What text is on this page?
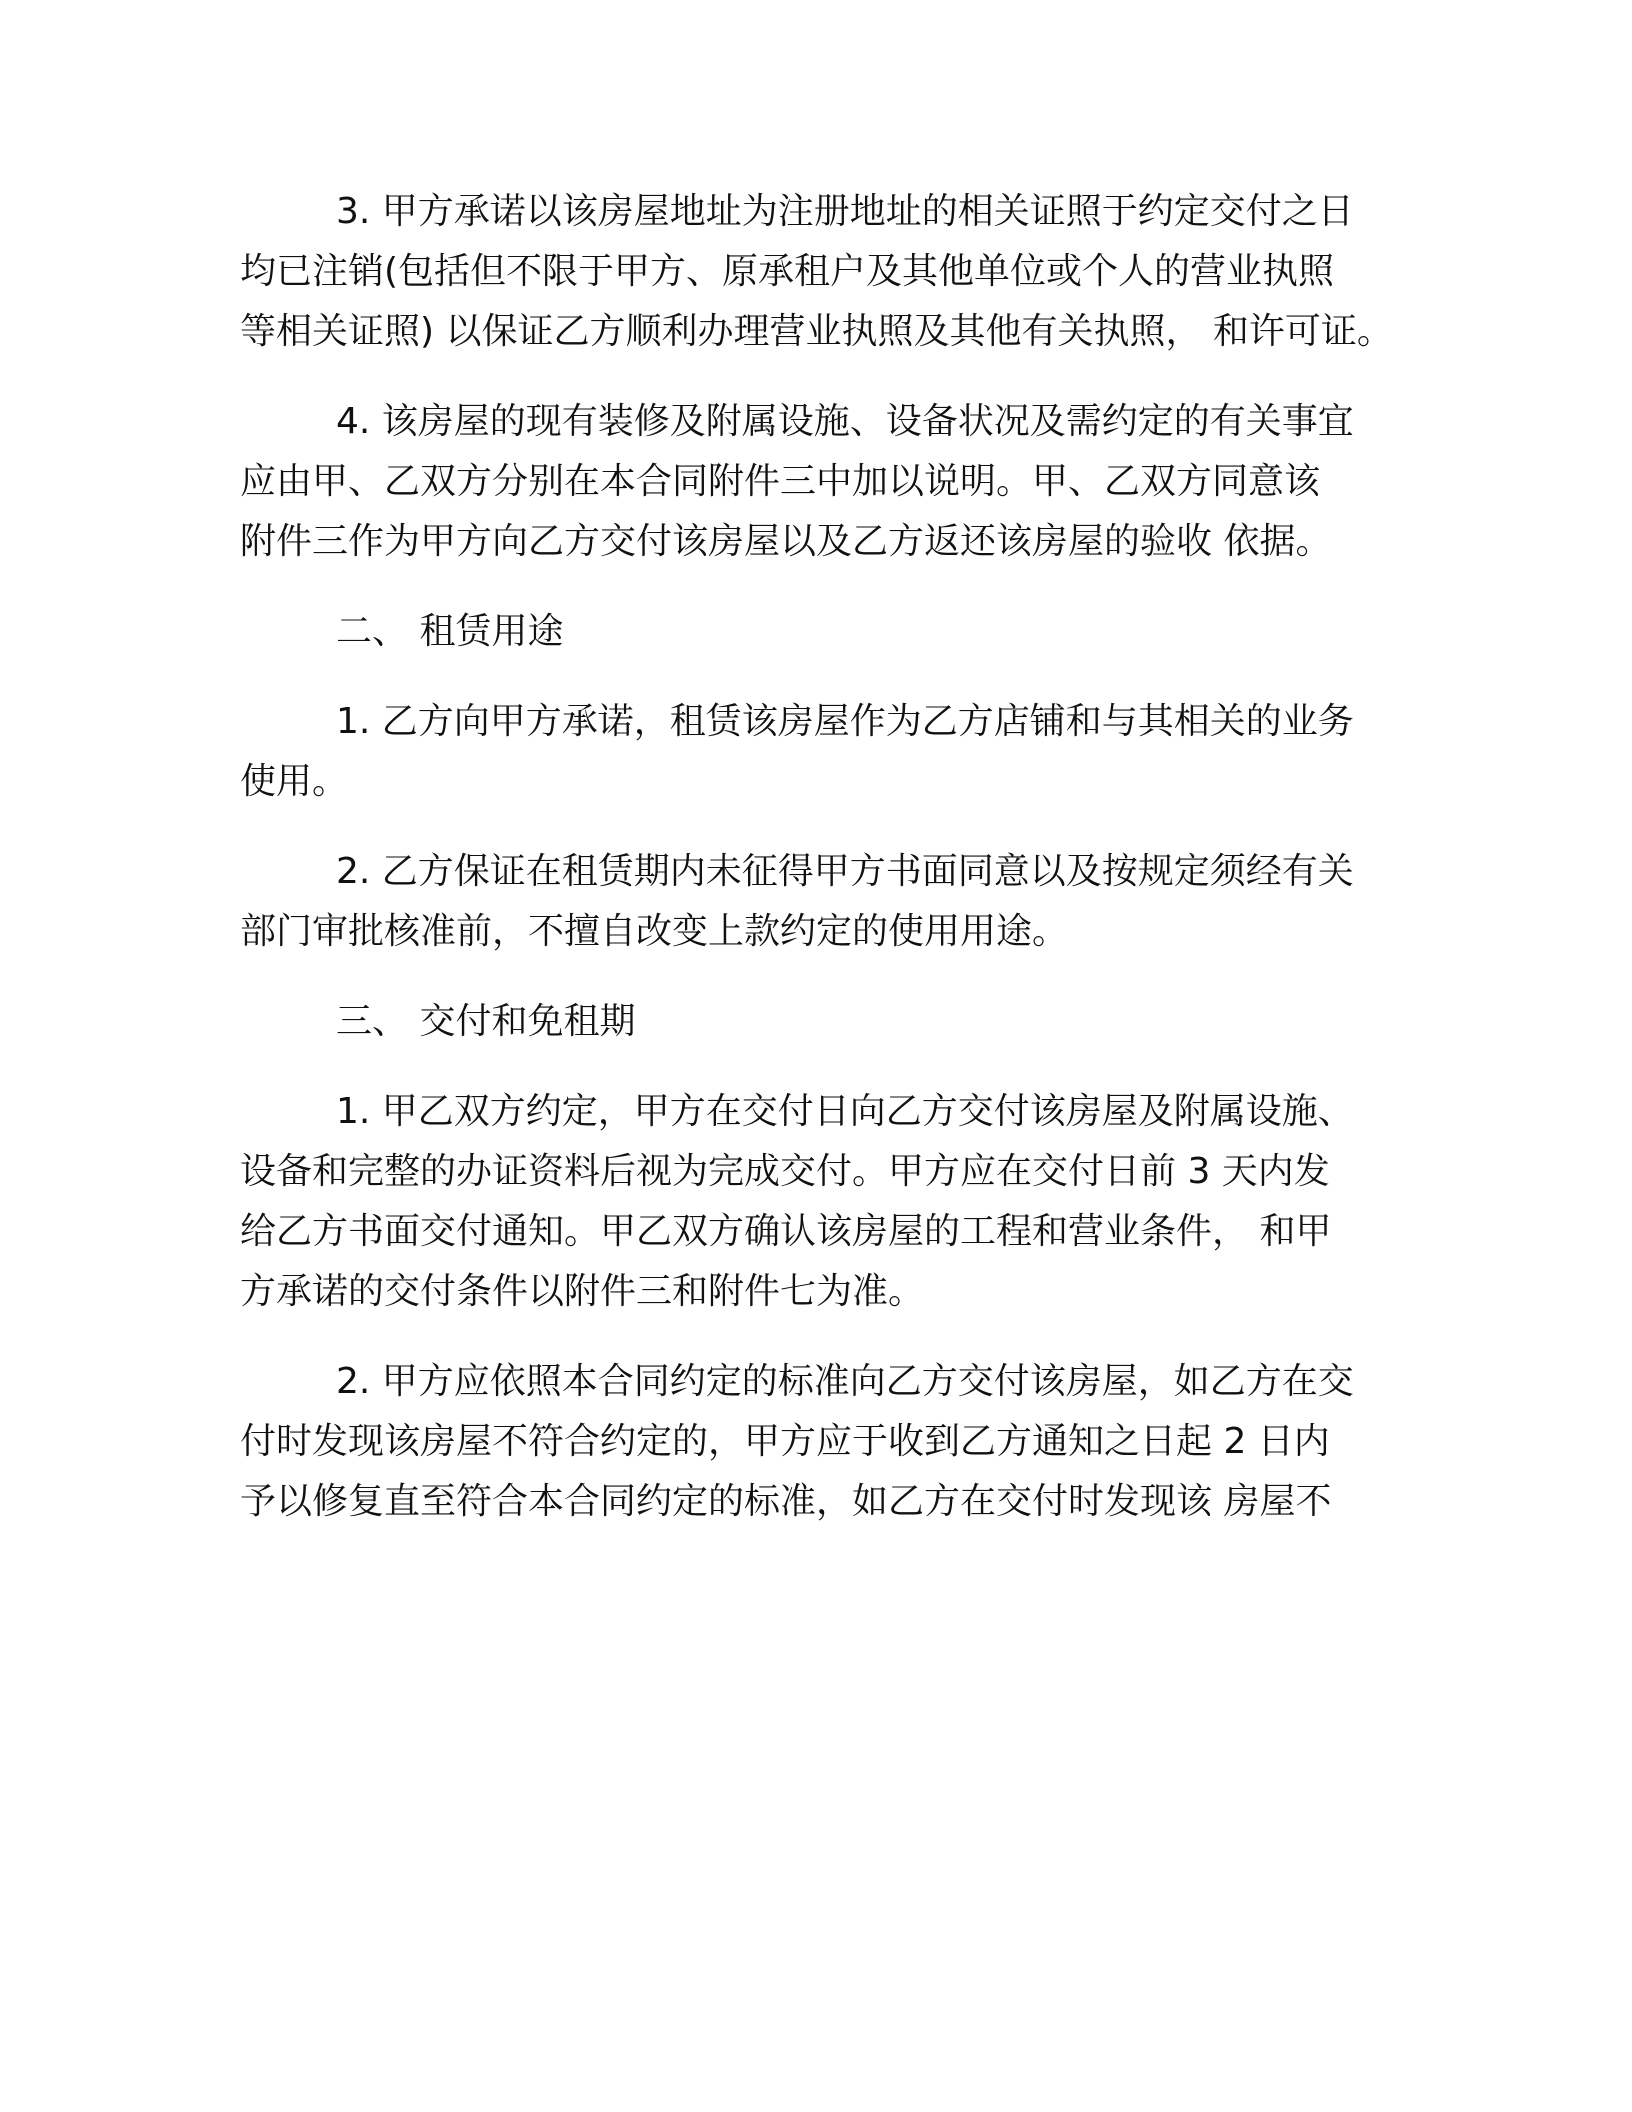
3. 甲方承诺以该房屋地址为注册地址的相关证照于约定交付之日
均已注销(包括但不限于甲方、原承租户及其他单位或个人的营业执照
等相关证照) 以保证乙方顺利办理营业执照及其他有关执照， 和许可证。
4. 该房屋的现有装修及附属设施、设备状况及需约定的有关事宜
应由甲、乙双方分别在本合同附件三中加以说明。甲、乙双方同意该
附件三作为甲方向乙方交付该房屋以及乙方返还该房屋的验收 依据。
二、 租赁用途
1. 乙方向甲方承诺，租赁该房屋作为乙方店铺和与其相关的业务
使用。
2. 乙方保证在租赁期内未征得甲方书面同意以及按规定须经有关
部门审批核准前，不擅自改变上款约定的使用用途。
三、 交付和免租期
1. 甲乙双方约定，甲方在交付日向乙方交付该房屋及附属设施、
设备和完整的办证资料后视为完成交付。甲方应在交付日前 3 天内发
给乙方书面交付通知。甲乙双方确认该房屋的工程和营业条件， 和甲
方承诺的交付条件以附件三和附件七为准。
2. 甲方应依照本合同约定的标准向乙方交付该房屋，如乙方在交
付时发现该房屋不符合约定的，甲方应于收到乙方通知之日起 2 日内
予以修复直至符合本合同约定的标准，如乙方在交付时发现该 房屋不
